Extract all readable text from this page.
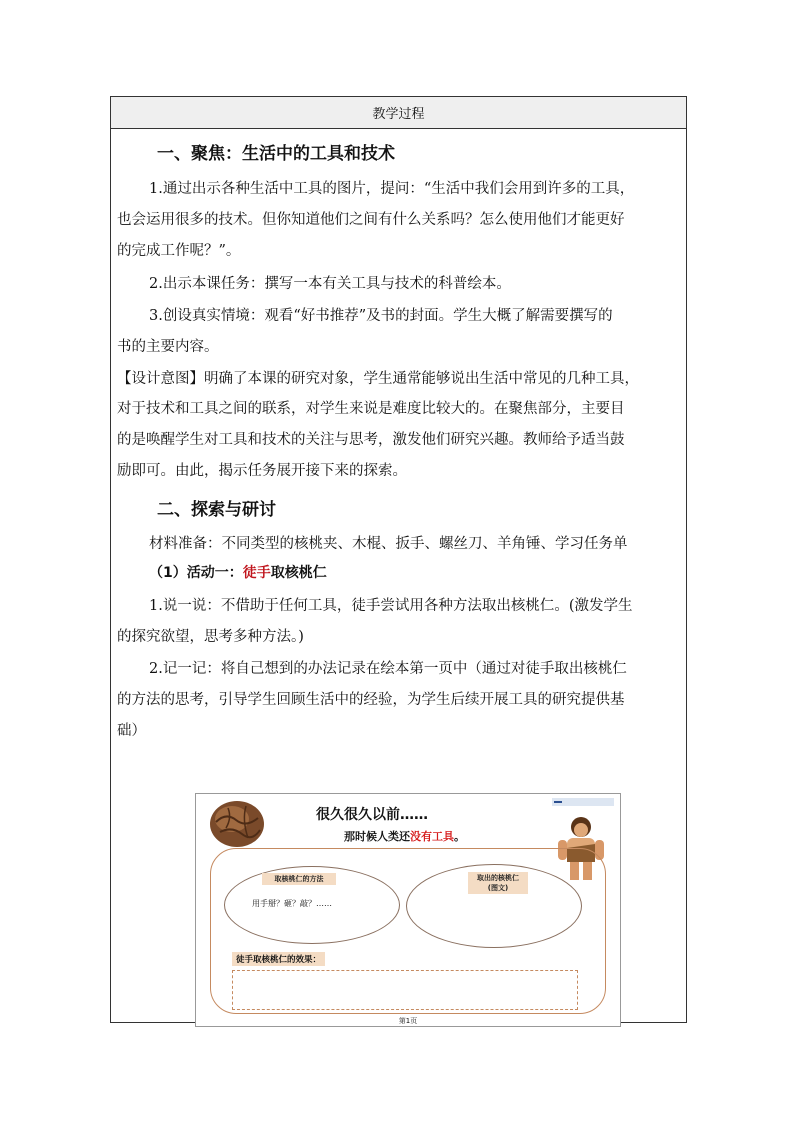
教学过程
一、聚焦：生活中的工具和技术
1.通过出示各种生活中工具的图片，提问：“生活中我们会用到许多的工具，
也会运用很多的技术。但你知道他们之间有什么关系吗？怎么使用他们才能更好
的完成工作呢？”。
2.出示本课任务：撰写一本有关工具与技术的科普绘本。
3.创设真实情境：观看“好书推荐”及书的封面。学生大概了解需要撰写的
书的主要内容。
【设计意图】明确了本课的研究对象，学生通常能够说出生活中常见的几种工具，
对于技术和工具之间的联系，对学生来说是难度比较大的。在聚焦部分，主要目
的是唤醒学生对工具和技术的关注与思考，激发他们研究兴趣。教师给予适当鼓
励即可。由此，揭示任务展开接下来的探索。
二、探索与研讨
材料准备：不同类型的核桃夹、木棍、扳手、螺丝刀、羊角锤、学习任务单
（1）活动一：徒手取核桃仁
1.说一说：不借助于任何工具，徒手尝试用各种方法取出核桃仁。(激发学生
的探究欲望，思考多种方法。)
2.记一记：将自己想到的办法记录在绘本第一页中（通过对徒手取出核桃仁
的方法的思考，引导学生回顾生活中的经验，为学生后续开展工具的研究提供基
础）
很久很久以前……
那时候人类还没有工具。
取核桃仁的方法	取出的核桃仁
(图文)
用手掰？砸？敲？……
徒手取核桃仁的效果：
第1页
